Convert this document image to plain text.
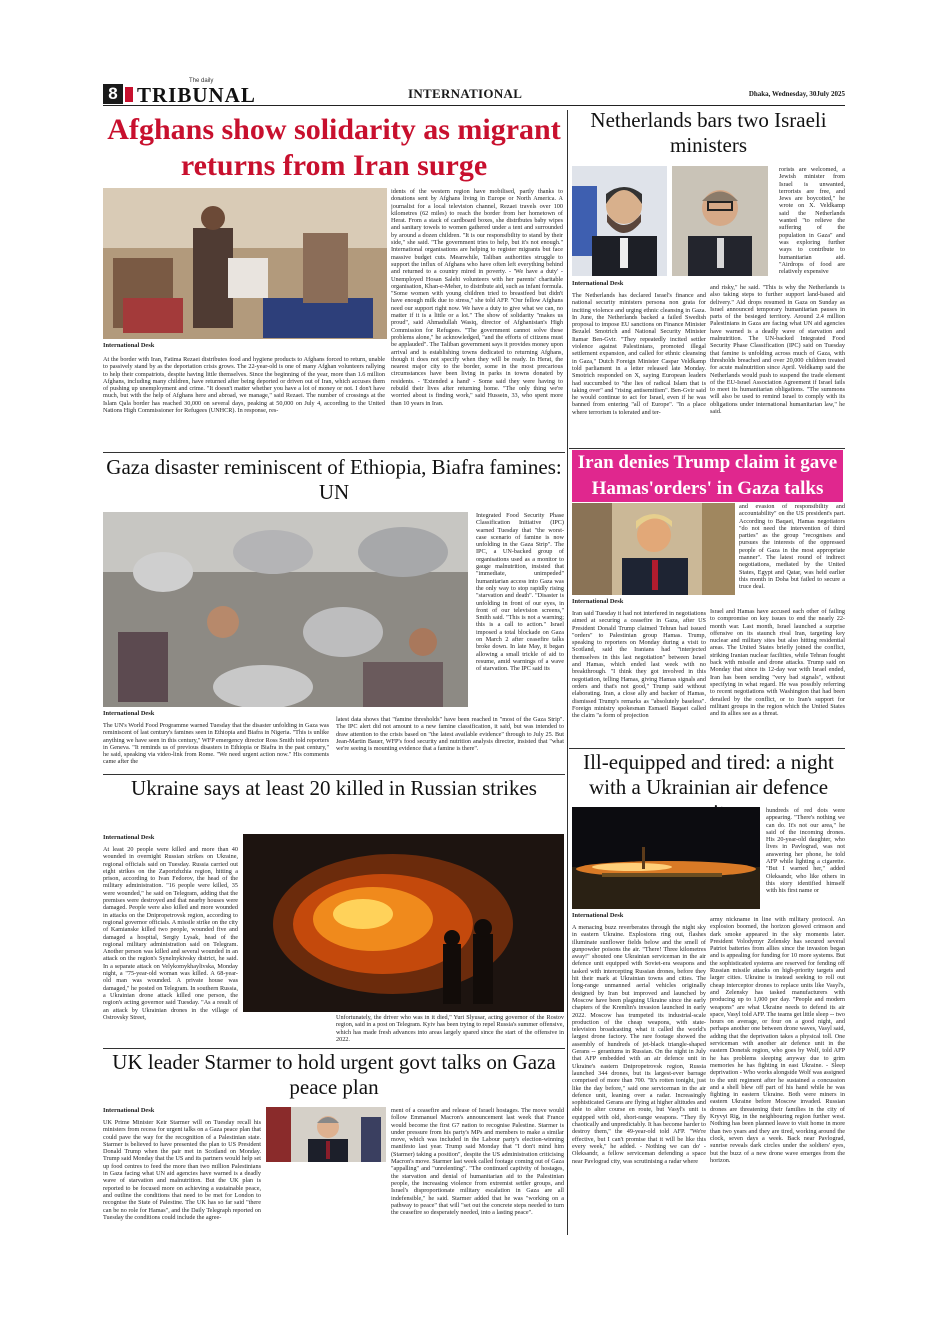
8 TRIBUNAL
The daily
INTERNATIONAL	Dhaka, Wednesday, 30July 2025
Afghans show solidarity as migrant returns from Iran surge
International Desk
At the border with Iran, Fatima Rezaei distributes food and hygiene products to Afghans forced to return, unable to passively stand by as the deportation crisis grows. The 22-year-old is one of many Afghan volunteers rallying to help their compatriots, despite having little themselves. Since the beginning of the year, more than 1.6 million Afghans, including many children, have returned after being deported or driven out of Iran, which accuses them of pushing up unemployment and crime. "It doesn't matter whether you have a lot of money or not. I don't have much, but with the help of Afghans here and abroad, we manage," said Rezaei. The number of crossings at the Islam Qala border has reached 30,000 on several days, peaking at 50,000 on July 4, according to the United Nations High Commissioner for Refugees (UNHCR). In response, res-
idents of the western region have mobilised, partly thanks to donations sent by Afghans living in Europe or North America. A journalist for a local television channel, Rezaei travels over 100 kilometres (62 miles) to reach the border from her hometown of Herat. From a stack of cardboard boxes, she distributes baby wipes and sanitary towels to women gathered under a tent and surrounded by around a dozen children. "It is our responsibility to stand by their side," she said. "The government tries to help, but it's not enough." International organisations are helping to register migrants but face massive budget cuts. Meanwhile, Taliban authorities struggle to support the influx of Afghans who have often left everything behind and returned to a country mired in poverty. - 'We have a duty' - Unemployed Hosan Salehi volunteers with her parents' charitable organisation, Khan-e-Meher, to distribute aid, such as infant formula. "Some women with young children tried to breastfeed but didn't have enough milk due to stress," she told AFP. "Our fellow Afghans need our support right now. We have a duty to give what we can, no matter if it is a little or a lot." The show of solidarity "makes us proud", said Ahmadullah Wasiq, director of Afghanistan's High Commission for Refugees. "The government cannot solve these problems alone," he acknowledged, "and the efforts of citizens must be applauded". The Taliban government says it provides money upon arrival and is establishing towns dedicated to returning Afghans, though it does not specify when they will be ready. In Herat, the nearest major city to the border, some in the most precarious circumstances have been living in parks in towns donated by residents. - 'Extended a hand' - Some said they were having to rebuild their lives after returning home. "The only thing we're worried about is finding work," said Hussein, 33, who spent more than 10 years in Iran.
Netherlands bars two Israeli ministers
International Desk
The Netherlands has declared Israel's finance and national security ministers persona non grata for inciting violence and urging ethnic cleansing in Gaza. In June, the Netherlands backed a failed Swedish proposal to impose EU sanctions on Finance Minister Bezalel Smotrich and National Security Minister Itamar Ben-Gvir. "They repeatedly incited settler violence against Palestinians, promoted illegal settlement expansion, and called for ethnic cleansing in Gaza," Dutch Foreign Minister Caspar Veldkamp told parliament in a letter released late Monday. Smotrich responded on X, saying European leaders had succumbed to "the lies of radical Islam that is taking over" and "rising antisemitism". Ben-Gvir said he would continue to act for Israel, even if he was banned from entering "all of Europe". "In a place where terrorism is tolerated and ter-
rorists are welcomed, a Jewish minister from Israel is unwanted, terrorists are free, and Jews are boycotted," he wrote on X. Veldkamp said the Netherlands wanted "to relieve the suffering of the population in Gaza" and was exploring further ways to contribute to humanitarian aid. "Airdrops of food are relatively expensive
and risky," he said. "This is why the Netherlands is also taking steps to further support land-based aid delivery." Aid drops resumed in Gaza on Sunday as Israel announced temporary humanitarian pauses in parts of the besieged territory. Around 2.4 million Palestinians in Gaza are facing what UN aid agencies have warned is a deadly wave of starvation and malnutrition. The UN-backed Integrated Food Security Phase Classification (IPC) said on Tuesday that famine is unfolding across much of Gaza, with thresholds breached and over 20,000 children treated for acute malnutrition since April. Veldkamp said the Netherlands would push to suspend the trade element of the EU-Israel Association Agreement if Israel fails to meet its humanitarian obligations. "The summons will also be used to remind Israel to comply with its obligations under international humanitarian law," he said.
Gaza disaster reminiscent of Ethiopia, Biafra famines: UN
International Desk
The UN's World Food Programme warned Tuesday that the disaster unfolding in Gaza was reminiscent of last century's famines seen in Ethiopia and Biafra in Nigeria. "This is unlike anything we have seen in this century," WFP emergency director Ross Smith told reporters in Geneva. "It reminds us of previous disasters in Ethiopia or Biafra in the past century," he said, speaking via video-link from Rome. "We need urgent action now." His comments came after the
Integrated Food Security Phase Classification Initiative (IPC) warned Tuesday that "the worst-case scenario of famine is now unfolding in the Gaza Strip". The IPC, a UN-backed group of organisations used as a monitor to gauge malnutrition, insisted that "immediate, unimpeded" humanitarian access into Gaza was the only way to stop rapidly rising "starvation and death". "Disaster is unfolding in front of our eyes, in front of our television screens," Smith said. "This is not a warning; this is a call to action." Israel imposed a total blockade on Gaza on March 2 after ceasefire talks broke down. In late May, it began allowing a small trickle of aid to resume, amid warnings of a wave of starvation. The IPC said its
latest data shows that "famine thresholds" have been reached in "most of the Gaza Strip". The IPC alert did not amount to a new famine classification, it said, but was intended to draw attention to the crisis based on "the latest available evidence" through to July 25. But Jean-Martin Bauer, WFP's food security and nutrition analysis director, insisted that "what we're seeing is mounting evidence that a famine is there".
Iran denies Trump claim it gave Hamas'orders' in Gaza talks
International Desk
Iran said Tuesday it had not interfered in negotiations aimed at securing a ceasefire in Gaza, after US President Donald Trump claimed Tehran had issued "orders" to Palestinian group Hamas. Trump, speaking to reporters on Monday during a visit to Scotland, said the Iranians had "interjected themselves in this last negotiation" between Israel and Hamas, which ended last week with no breakthrough. "I think they got involved in this negotiation, telling Hamas, giving Hamas signals and orders and that's not good," Trump said without elaborating. Iran, a close ally and backer of Hamas, dismissed Trump's remarks as "absolutely baseless". Foreign ministry spokesman Esmaeil Baqaei called the claim "a form of projection
and evasion of responsibility and accountability" on the US president's part. According to Baqaei, Hamas negotiators "do not need the intervention of third parties" as the group "recognises and pursues the interests of the oppressed people of Gaza in the most appropriate manner". The latest round of indirect negotiations, mediated by the United States, Egypt and Qatar, was held earlier this month in Doha but failed to secure a truce deal.
Israel and Hamas have accused each other of failing to compromise on key issues to end the nearly 22-month war. Last month, Israel launched a surprise offensive on its staunch rival Iran, targeting key nuclear and military sites but also hitting residential areas. The United States briefly joined the conflict, striking Iranian nuclear facilities, while Tehran fought back with missile and drone attacks. Trump said on Monday that since its 12-day war with Israel ended, Iran has been sending "very bad signals", without specifying in what regard. He was possibly referring to recent negotiations with Washington that had been derailed by the conflict, or to Iran's support for militant groups in the region which the United States and its allies see as a threat.
Ukraine says at least 20 killed in Russian strikes
International Desk
At least 20 people were killed and more than 40 wounded in overnight Russian strikes on Ukraine, regional officials said on Tuesday. Russia carried out eight strikes on the Zaporizhzhia region, hitting a prison, according to Ivan Fedorov, the head of the military administration. "16 people were killed, 35 were wounded," he said on Telegram, adding that the premises were destroyed and that nearby houses were damaged. People were also killed and more wounded in attacks on the Dnipropetrovsk region, according to regional governor officials. A missile strike on the city of Kamianske killed two people, wounded five and damaged a hospital, Sergiy Lysak, head of the regional military administration said on Telegram. Another person was killed and several wounded in an attack on the region's Synelnykivsky district, he said. In a separate attack on Velykomykhaylivska, Monday night, a "75-year-old woman was killed. A 68-year-old man was wounded. A private house was damaged," he posted on Telegram. In southern Russia, a Ukrainian drone attack killed one person, the region's acting governor said Tuesday. "As a result of an attack by Ukrainian drones in the village of Ostrovsky Street,	Unfortunately, the driver who was in it died," Yuri Slyusar, acting governor of the Rostov region, said in a post on Telegram. Kyiv has been trying to repel Russia's summer offensive, which has made fresh advances into areas largely spared since the start of the offensive in 2022.
Ill-equipped and tired: a night with a Ukrainian air defence
International Desk
A menacing buzz reverberates through the night sky in eastern Ukraine. Explosions ring out, flashes illuminate sunflower fields below and the smell of gunpowder poisons the air. "There! Three kilometres away!" shouted one Ukrainian serviceman in the air defence unit equipped with Soviet-era weapons and tasked with intercepting Russian drones, before they hit their mark at Ukrainian towns and cities. The long-range unmanned aerial vehicles originally designed by Iran but improved and launched by Moscow have been plaguing Ukraine since the early chapters of the Kremlin's invasion launched in early 2022. Moscow has trumpeted its industrial-scale production of the cheap weapons, with state-television broadcasting what it called the world's largest drone factory. The rare footage showed the assembly of hundreds of jet-black triangle-shaped Gerans -- geraniums in Russian. On the night in July that AFP embedded with an air defence unit in Ukraine's eastern Dnipropetrovsk region, Russia launched 344 drones, but its largest-ever barrage comprised of more than 700. "It's rotten tonight, just like the day before," said one serviceman in the air defence unit, leaning over a radar. Increasingly sophisticated Gerans are flying at higher altitudes and able to alter course en route, but Vasyl's unit is equipped with old, short-range weapons. "They fly chaotically and unpredictably. It has become harder to destroy them," the 49-year-old told AFP. "We're effective, but I can't promise that it will be like this every week," he added. - Nothing we can do' - Oleksandr, a fellow serviceman defending a space near Pavlograd city, was scrutinising a radar where
hundreds of red dots were appearing. "There's nothing we can do. It's not our area," he said of the incoming drones. His 20-year-old daughter, who lives in Pavlograd, was not answering her phone, he told AFP while lighting a cigarette. "But I warned her," added Oleksandr, who like others in this story identified himself with his first name or
army nickname in line with military protocol. An explosion boomed, the horizon glowed crimson and dark smoke appeared in the sky moments later. President Volodymyr Zelensky has secured several Patriot batteries from allies since the invasion began and is appealing for funding for 10 more systems. But the sophisticated systems are reserved for fending off Russian missile attacks on high-priority targets and larger cities. Ukraine is instead seeking to roll out cheap interceptor drones to replace units like Vasyl's, and Zelensky has tasked manufacturers with producing up to 1,000 per day. "People and modern weapons" are what Ukraine needs to defend its air space, Vasyl told AFP. The teams get little sleep -- two hours on average, or four on a good night, and perhaps another one between drone waves, Vasyl said, adding that the deprivation takes a physical toll. One serviceman with another air defence unit in the eastern Donetsk region, who goes by Wolf, told AFP he has problems sleeping anyway due to grim memories he has fighting in east Ukraine. - Sleep deprivation - Who works alongside Wolf was assigned to the unit regiment after he sustained a concussion and a shell blew off part of his hand while he was fighting in eastern Ukraine. Both were miners in eastern Ukraine before Moscow invaded. Russian drones are threatening their families in the city of Kryvyi Rig, in the neighbouring region further west. Nothing has been planned leave to visit home in more than two years and they are tired, working around the clock, seven days a week. Back near Pavlograd, sunrise reveals dark circles under the soldiers' eyes, but the buzz of a new drone wave emerges from the horizon.
UK leader Starmer to hold urgent govt talks on Gaza peace plan
International Desk
UK Prime Minister Keir Starmer will on Tuesday recall his ministers from recess for urgent talks on a Gaza peace plan that could pave the way for the recognition of a Palestinian state. Starmer is believed to have presented the plan to US President Donald Trump when the pair met in Scotland on Monday. Trump said Monday that the US and its partners would help set up food centres to feed the more than two million Palestinians in Gaza facing what UN aid agencies have warned is a deadly wave of starvation and malnutrition. But the UK plan is reported to be focused more on achieving a sustainable peace, and outline the conditions that need to be met for London to recognise the State of Palestine. The UK has so far said "there can be no role for Hamas", and the Daily Telegraph reported on Tuesday the conditions could include the agree-
ment of a ceasefire and release of Israeli hostages. The move would follow Emmanuel Macron's announcement last week that France would become the first G7 nation to recognise Palestine. Starmer is under pressure from his party's MPs and members to make a similar move, which was included in the Labour party's election-winning manifesto last year. Trump said Monday that "I don't mind him (Starmer) taking a position", despite the US administration criticising Macron's move. Starmer last week called footage coming out of Gaza "appalling" and "unrelenting". "The continued captivity of hostages, the starvation and denial of humanitarian aid to the Palestinian people, the increasing violence from extremist settler groups, and Israel's disproportionate military escalation in Gaza are all indefensible," he said. Starmer added that he was "working on a pathway to peace" that will "set out the concrete steps needed to turn the ceasefire so desperately needed, into a lasting peace".
